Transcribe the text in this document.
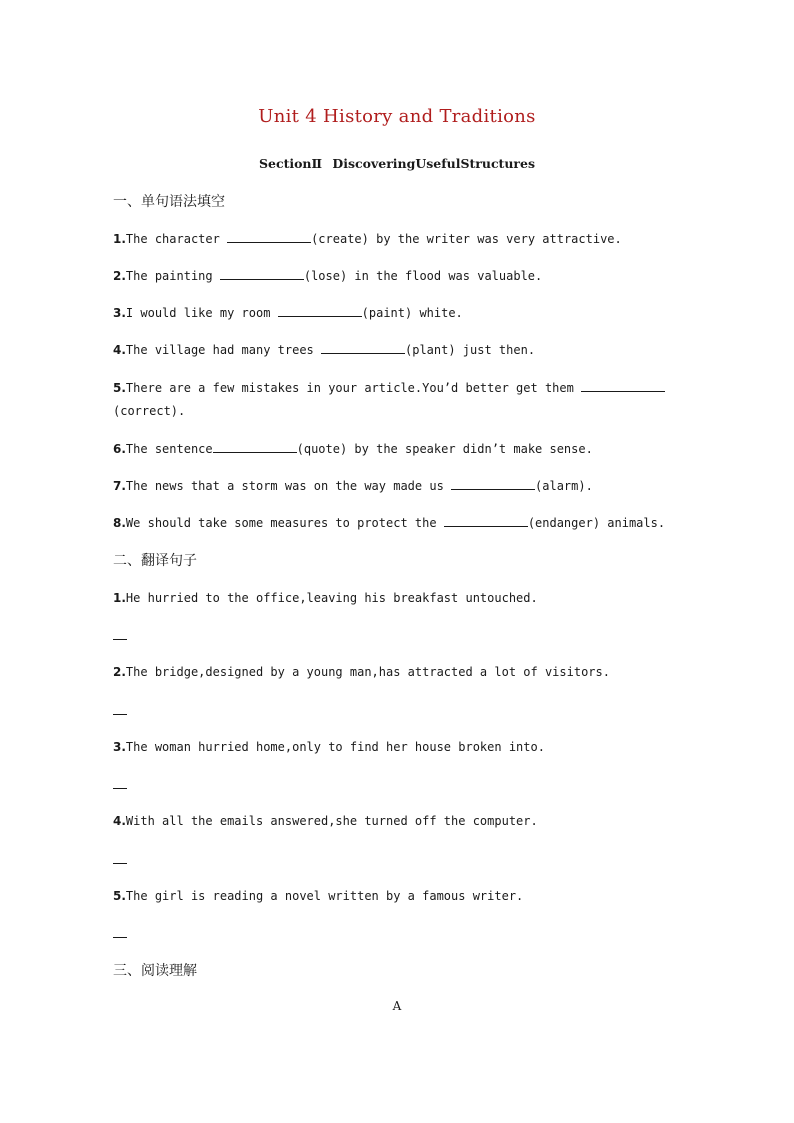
Unit 4 History and Traditions
SectionⅡ DiscoveringUsefulStructures
一、单句语法填空
1.The character	(create) by the writer was very attractive.
2.The painting	(lose) in the flood was valuable.
3.I would like my room	(paint) white.
4.The village had many trees	(plant) just then.
5.There are a few mistakes in your article.You’d better get them (correct).
6.The sentence	(quote) by the speaker didn’t make sense.
7.The news that a storm was on the way made us	(alarm).
8.We should take some measures to protect the	(endanger) animals.
二、翻译句子
1.He hurried to the office,leaving his breakfast untouched.
2.The bridge,designed by a young man,has attracted a lot of visitors.
3.The woman hurried home,only to find her house broken into.
4.With all the emails answered,she turned off the computer.
5.The girl is reading a novel written by a famous writer.
三、阅读理解
A
